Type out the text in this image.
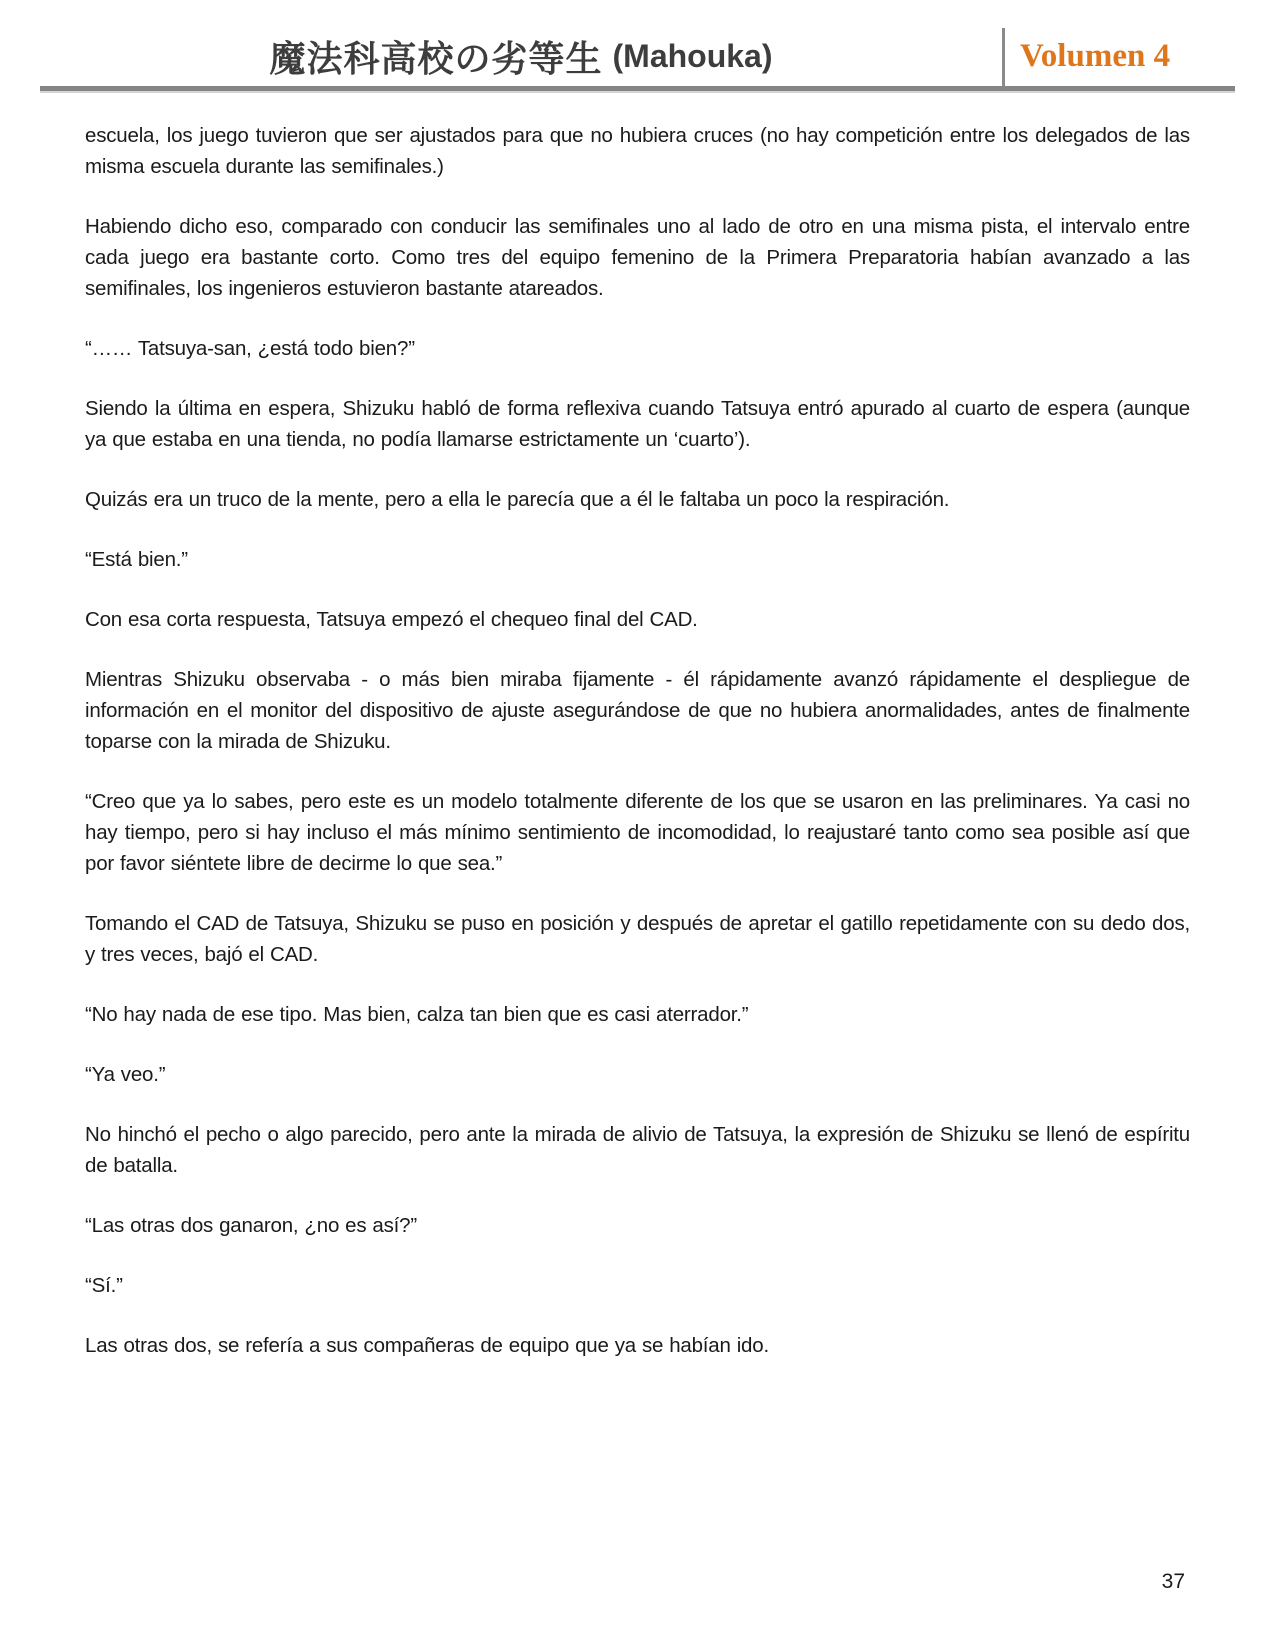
魔法科高校の劣等生 (Mahouka)	Volumen 4

escuela, los juego tuvieron que ser ajustados para que no hubiera cruces (no hay competición entre los delegados de las misma escuela durante las semifinales.)

Habiendo dicho eso, comparado con conducir las semifinales uno al lado de otro en una misma pista, el intervalo entre cada juego era bastante corto. Como tres del equipo femenino de la Primera Preparatoria habían avanzado a las semifinales, los ingenieros estuvieron bastante atareados.

“…… Tatsuya-san, ¿está todo bien?”

Siendo la última en espera, Shizuku habló de forma reflexiva cuando Tatsuya entró apurado al cuarto de espera (aunque ya que estaba en una tienda, no podía llamarse estrictamente un ‘cuarto’).

Quizás era un truco de la mente, pero a ella le parecía que a él le faltaba un poco la respiración.

“Está bien.”

Con esa corta respuesta, Tatsuya empezó el chequeo final del CAD.

Mientras Shizuku observaba - o más bien miraba fijamente - él rápidamente avanzó rápidamente el despliegue de información en el monitor del dispositivo de ajuste asegurándose de que no hubiera anormalidades, antes de finalmente toparse con la mirada de Shizuku.

“Creo que ya lo sabes, pero este es un modelo totalmente diferente de los que se usaron en las preliminares. Ya casi no hay tiempo, pero si hay incluso el más mínimo sentimiento de incomodidad, lo reajustaré tanto como sea posible así que por favor siéntete libre de decirme lo que sea.”

Tomando el CAD de Tatsuya, Shizuku se puso en posición y después de apretar el gatillo repetidamente con su dedo dos, y tres veces, bajó el CAD.

“No hay nada de ese tipo. Mas bien, calza tan bien que es casi aterrador.”

“Ya veo.”

No hinchó el pecho o algo parecido, pero ante la mirada de alivio de Tatsuya, la expresión de Shizuku se llenó de espíritu de batalla.

“Las otras dos ganaron, ¿no es así?”

“Sí.”

Las otras dos, se refería a sus compañeras de equipo que ya se habían ido.

37
